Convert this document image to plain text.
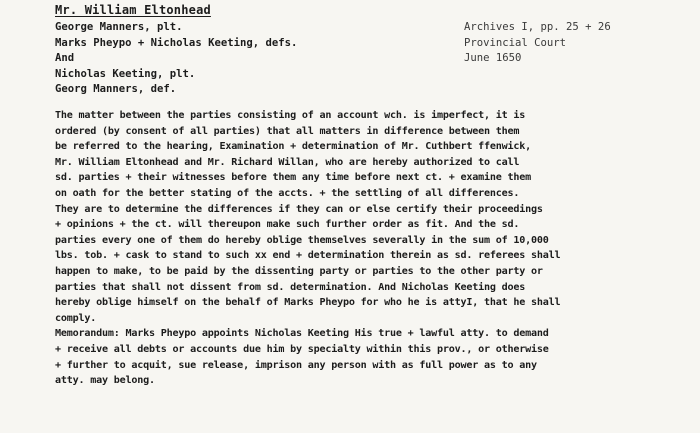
Mr. William Eltonhead
George Manners, plt.
Marks Pheypo + Nicholas Keeting, defs.
And
Nicholas Keeting, plt.
Georg Manners, def.
Archives I, pp. 25 + 26
Provincial Court
June 1650
The matter between the parties consisting of an account wch. is imperfect, it is
ordered (by consent of all parties) that all matters in difference between them
be referred to the hearing, Examination + determination of Mr. Cuthbert ffenwick,
Mr. William Eltonhead and Mr. Richard Willan, who are hereby authorized to call
sd. parties + their witnesses before them any time before next ct. + examine them
on oath for the better stating of the accts. + the settling of all differences.
They are to determine the differences if they can or else certify their proceedings
+ opinions + the ct. will thereupon make such further order as fit. And the sd.
parties every one of them do hereby oblige themselves severally in the sum of 10,000
lbs. tob. + cask to stand to such xx end + determination therein as sd. referees shall
happen to make, to be paid by the dissenting party or parties to the other party or
parties that shall not dissent from sd. determination. And Nicholas Keeting does
hereby oblige himself on the behalf of Marks Pheypo for who he is attyI, that he shall
comply.
Memorandum: Marks Pheypo appoints Nicholas Keeting His true + lawful atty. to demand
+ receive all debts or accounts due him by specialty within this prov., or otherwise
+ further to acquit, sue release, imprison any person with as full power as to any
atty. may belong.
